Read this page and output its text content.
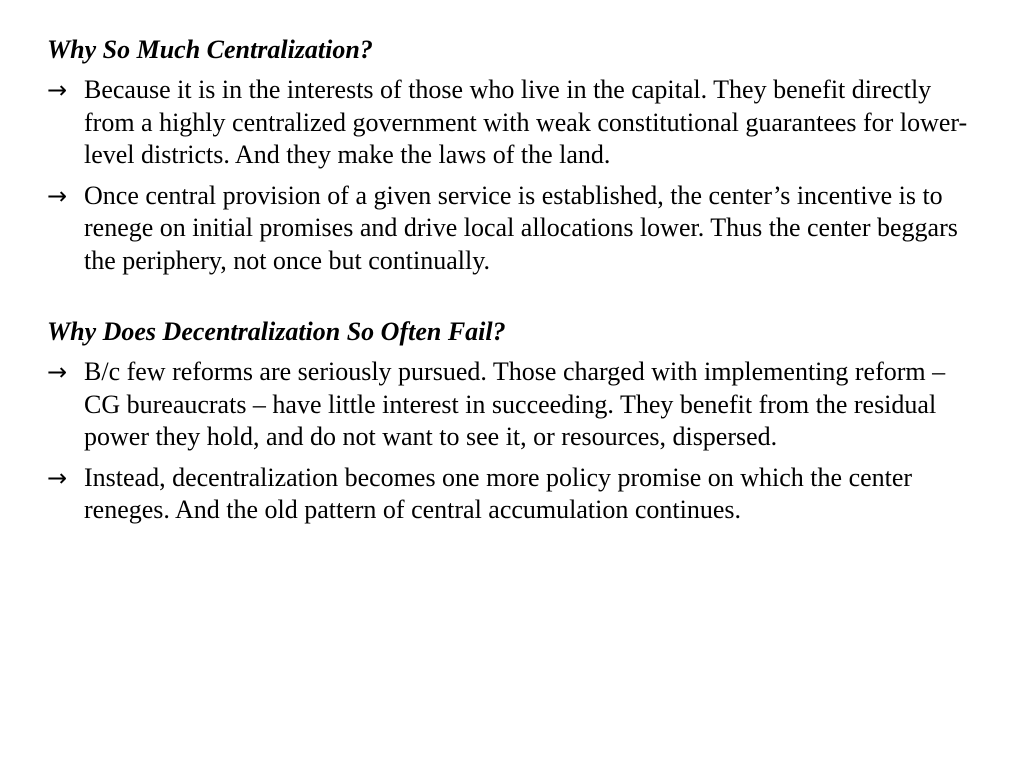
Why So Much Centralization?
→ Because it is in the interests of those who live in the capital. They benefit directly from a highly centralized government with weak constitutional guarantees for lower-level districts. And they make the laws of the land.
→ Once central provision of a given service is established, the center’s incentive is to renege on initial promises and drive local allocations lower. Thus the center beggars the periphery, not once but continually.
Why Does Decentralization So Often Fail?
→ B/c few reforms are seriously pursued. Those charged with implementing reform – CG bureaucrats – have little interest in succeeding. They benefit from the residual power they hold, and do not want to see it, or resources, dispersed.
→ Instead, decentralization becomes one more policy promise on which the center reneges. And the old pattern of central accumulation continues.
